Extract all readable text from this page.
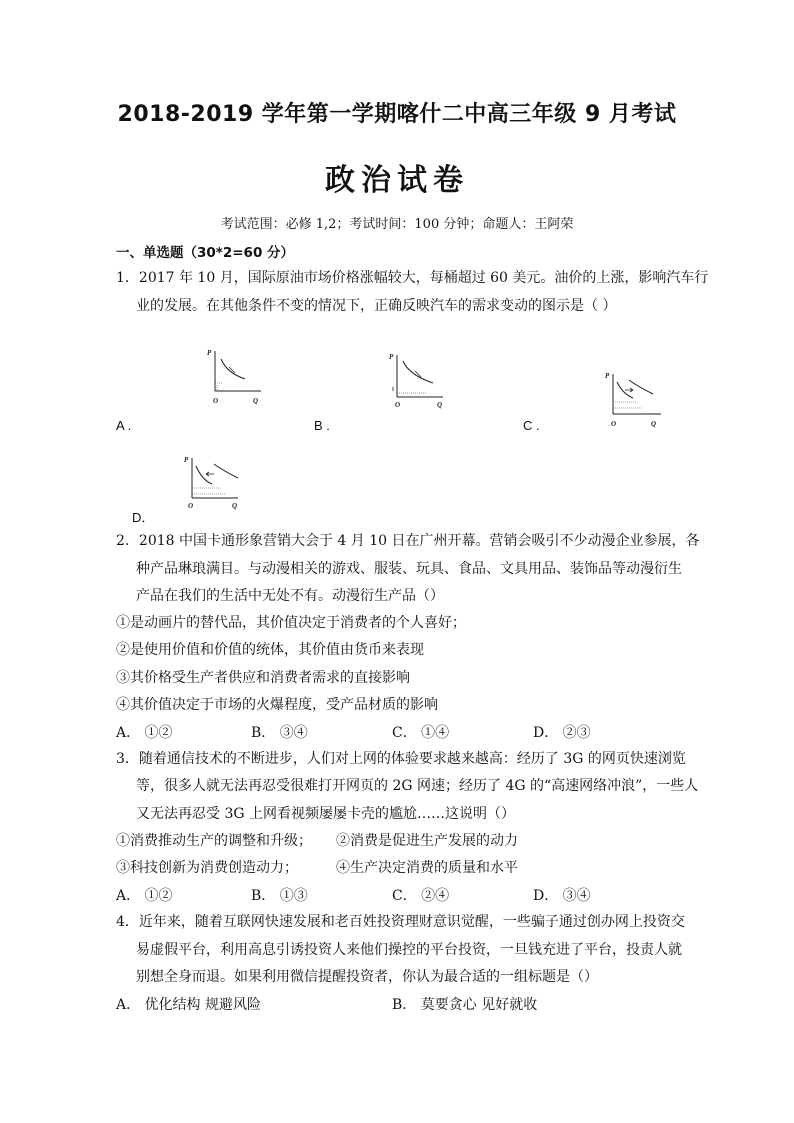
2018-2019 学年第一学期喀什二中高三年级 9 月考试
政治试卷
考试范围：必修 1,2；考试时间：100 分钟；命题人：王阿荣
一、单选题（30*2=60 分）
1．2017 年 10 月，国际原油市场价格涨幅较大，每桶超过 60 美元。油价的上涨，影响汽车行
业的发展。在其他条件不变的情况下，正确反映汽车的需求变动的图示是（ ）
P
O	Q
A .
P
O	Q
B .
P
O	Q
C .
P
O	Q
D．
2．2018 中国卡通形象营销大会于 4 月 10 日在广州开幕。营销会吸引不少动漫企业参展，各
种产品琳琅满目。与动漫相关的游戏、服装、玩具、食品、文具用品、装饰品等动漫衍生
产品在我们的生活中无处不有。动漫衍生产品（）
①是动画片的替代品，其价值决定于消费者的个人喜好；
②是使用价值和价值的统体，其价值由货币来表现
③其价格受生产者供应和消费者需求的直接影响
④其价值决定于市场的火爆程度，受产品材质的影响
A． ①②	B． ③④	C． ①④	D． ②③
3．随着通信技术的不断进步，人们对上网的体验要求越来越高：经历了 3G 的网页快速浏览
等，很多人就无法再忍受很难打开网页的 2G 网速；经历了 4G 的“高速网络冲浪”，一些人
又无法再忍受 3G 上网看视频屡屡卡壳的尴尬……这说明（）
①消费推动生产的调整和升级； ②消费是促进生产发展的动力
③科技创新为消费创造动力；	④生产决定消费的质量和水平
A． ①②	B． ①③	C． ②④	D． ③④
4．近年来，随着互联网快速发展和老百姓投资理财意识觉醒，一些骗子通过创办网上投资交
易虚假平台，利用高息引诱投资人来他们操控的平台投资，一旦钱充进了平台，投责人就
别想全身而退。如果利用微信提醒投资者，你认为最合适的一组标题是（）
A． 优化结构 规避风险	B． 莫要贪心 见好就收
